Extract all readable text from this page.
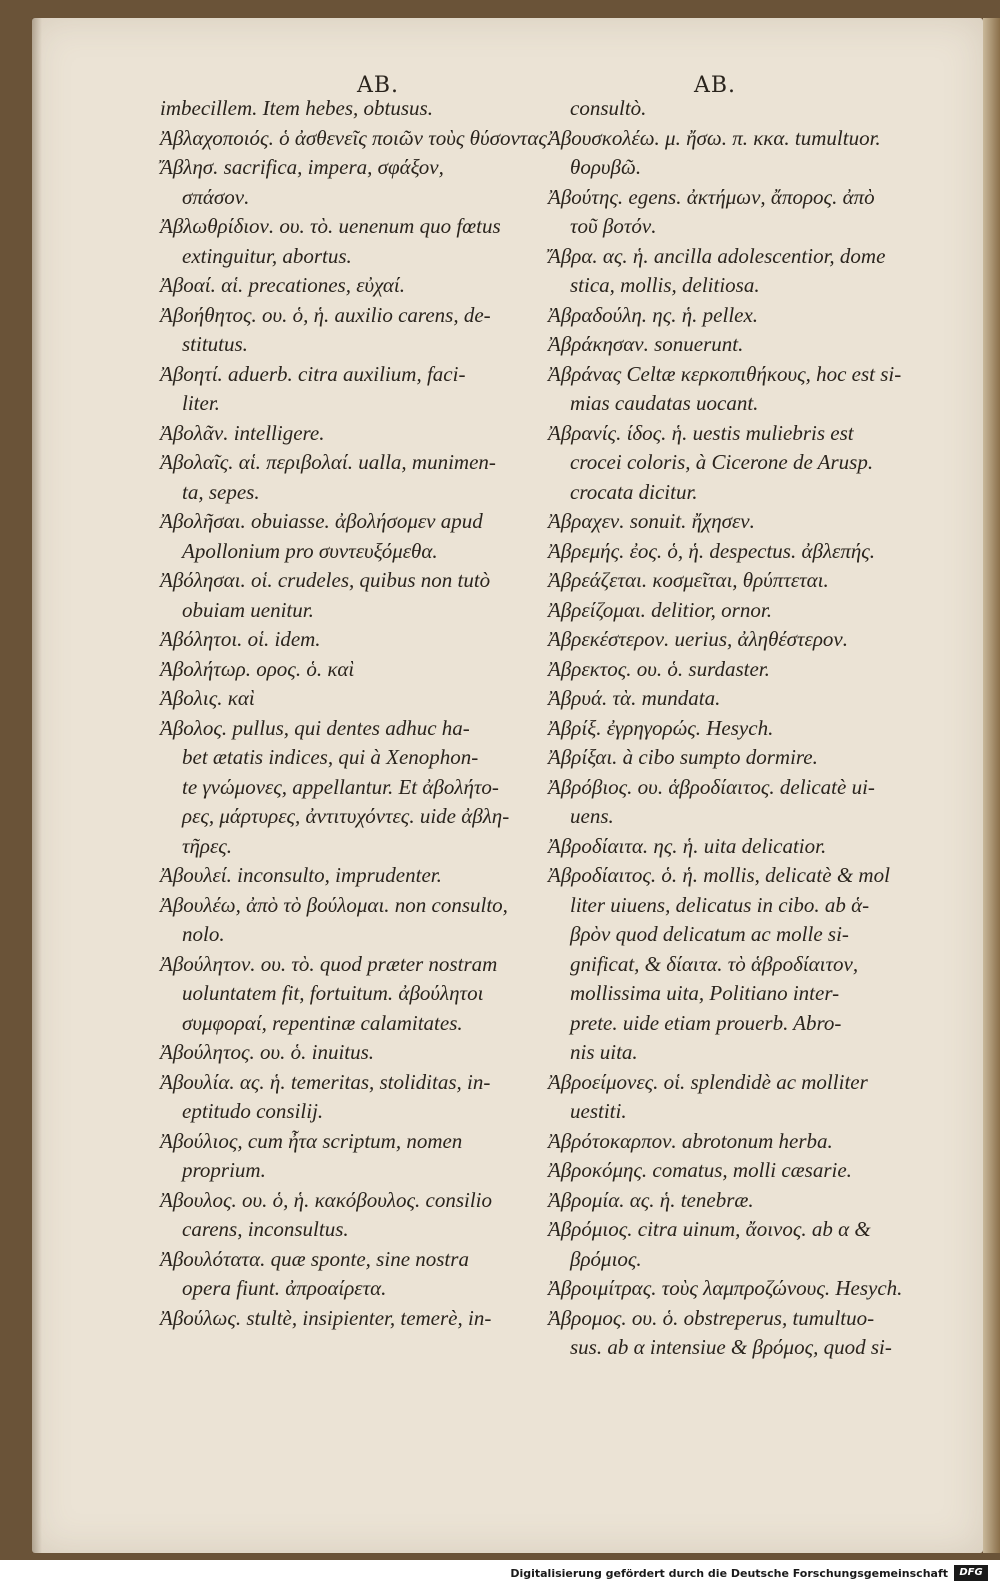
AB.	AB.
imbecillem. Item hebes, obtusus.
Ἀβλαχοποιός. ὁ ἀσθενεῖς ποιῶν τοὺς θύσοντας.
Ἄβλησ. sacrifica, impera, σφάξον,
σπάσον.
Ἀβλωθρίδιον. ου. τὸ. uenenum quo fœtus
extinguitur, abortus.
Ἀβοαί. αἱ. precationes, εὐχαί.
Ἀβοήθητος. ου. ὁ, ἡ. auxilio carens, de-
stitutus.
Ἀβοητί. aduerb. citra auxilium, faci-
liter.
Ἀβολᾶν. intelligere.
Ἀβολαῖς. αἱ. περιβολαί. ualla, munimen-
ta, sepes.
Ἀβολῆσαι. obuiasse. ἀβολήσομεν apud
Apollonium pro συντευξόμεθα.
Ἀβόλησαι. οἱ. crudeles, quibus non tutò
obuiam uenitur.
Ἀβόλητοι. οἱ. idem.
Ἀβολήτωρ. ορος. ὁ. καὶ
Ἀβολις. καὶ
Ἀβολος. pullus, qui dentes adhuc ha-
bet ætatis indices, qui à Xenophon-
te γνώμονες, appellantur. Et ἀβολήτο-
ρες, μάρτυρες, ἀντιτυχόντες. uide ἀβλη-
τῆρες.
Ἀβουλεί. inconsulto, imprudenter.
Ἀβουλέω, ἀπὸ τὸ βούλομαι. non consulto,
nolo.
Ἀβούλητον. ου. τὸ. quod præter nostram
uoluntatem fit, fortuitum. ἀβούλητοι
συμφοραί, repentinæ calamitates.
Ἀβούλητος. ου. ὁ. inuitus.
Ἀβουλία. ας. ἡ. temeritas, stoliditas, in-
eptitudo consilij.
Ἀβούλιος, cum ἦτα scriptum, nomen
proprium.
Ἀβουλος. ου. ὁ, ἡ. κακόβουλος. consilio
carens, inconsultus.
Ἀβουλότατα. quæ sponte, sine nostra
opera fiunt. ἀπροαίρετα.
Ἀβούλως. stultè, insipienter, temerè, in-
consultò.
Ἀβουσκολέω. μ. ἤσω. π. κκα. tumultuor.
θορυβῶ.
Ἀβούτης. egens. ἀκτήμων, ἄπορος. ἀπὸ
τοῦ βοτόν.
Ἄβρα. ας. ἡ. ancilla adolescentior, dome
stica, mollis, delitiosa.
Ἀβραδούλη. ης. ἡ. pellex.
Ἀβράκησαν. sonuerunt.
Ἀβράνας Celtæ κερκοπιθήκους, hoc est si-
mias caudatas uocant.
Ἀβρανίς. ίδος. ἡ. uestis muliebris est
crocei coloris, à Cicerone de Arusp.
crocata dicitur.
Ἀβραχεν. sonuit. ἤχησεν.
Ἀβρεμής. ἐος. ὁ, ἡ. despectus. ἀβλεπής.
Ἀβρεάζεται. κοσμεῖται, θρύπτεται.
Ἀβρείζομαι. delitior, ornor.
Ἀβρεκέστερον. uerius, ἀληθέστερον.
Ἀβρεκτος. ου. ὁ. surdaster.
Ἀβρυά. τὰ. mundata.
Ἀβρίξ. ἐγρηγορώς. Hesych.
Ἀβρίξαι. à cibo sumpto dormire.
Ἀβρόβιος. ου. ἁβροδίαιτος. delicatè ui-
uens.
Ἀβροδίαιτα. ης. ἡ. uita delicatior.
Ἀβροδίαιτος. ὁ. ἡ. mollis, delicatè & mol
liter uiuens, delicatus in cibo. ab ἁ-
βρὸν quod delicatum ac molle si-
gnificat, & δίαιτα. τὸ ἁβροδίαιτον,
mollissima uita, Politiano inter-
prete. uide etiam prouerb. Abro-
nis uita.
Ἀβροείμονες. οἱ. splendidè ac molliter
uestiti.
Ἀβρότοκαρπον. abrotonum herba.
Ἀβροκόμης. comatus, molli cæsarie.
Ἀβρομία. ας. ἡ. tenebræ.
Ἀβρόμιος. citra uinum, ἄοινος. ab α &
βρόμιος.
Ἀβροιμίτρας. τοὺς λαμπροζώνους. Hesych.
Ἀβρομος. ου. ὁ. obstreperus, tumultuo-
sus. ab α intensiue & βρόμος, quod si-
Digitalisierung gefördert durch die Deutsche Forschungsgemeinschaft	DFG
